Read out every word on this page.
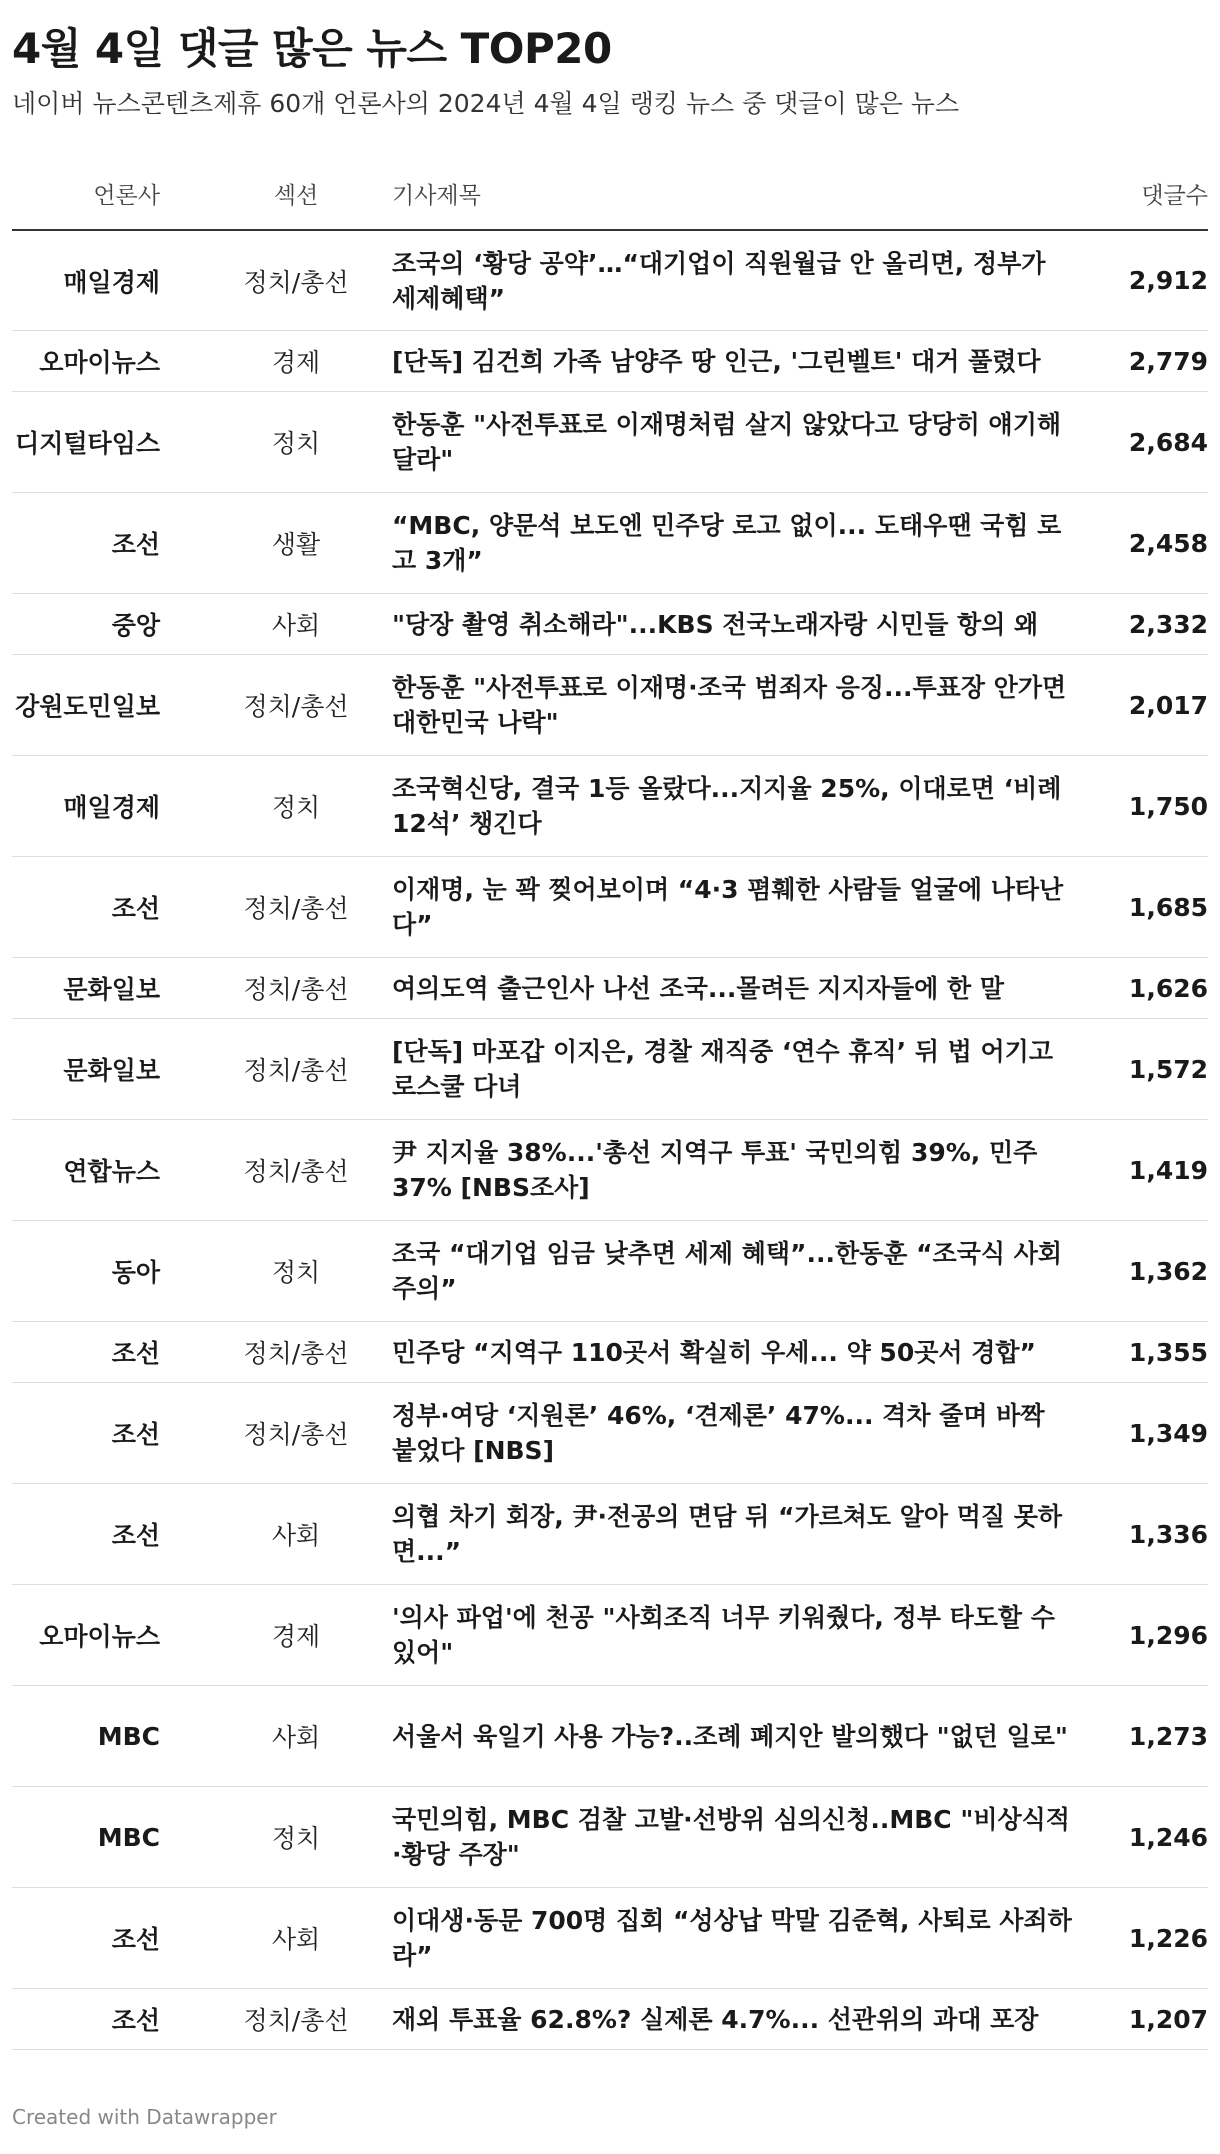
4월 4일 댓글 많은 뉴스 TOP20

네이버 뉴스콘텐츠제휴 60개 언론사의 2024년 4월 4일 랭킹 뉴스 중 댓글이 많은 뉴스

언론사	섹션	기사제목	댓글수
매일경제	정치/총선	조국의 ‘황당 공약’…“대기업이 직원월급 안 올리면, 정부가 세제혜택”	2,912
오마이뉴스	경제	[단독] 김건희 가족 남양주 땅 인근, '그린벨트' 대거 풀렸다	2,779
디지털타임스	정치	한동훈 "사전투표로 이재명처럼 살지 않았다고 당당히 얘기해달라"	2,684
조선	생활	“MBC, 양문석 보도엔 민주당 로고 없이... 도태우땐 국힘 로고 3개”	2,458
중앙	사회	"당장 촬영 취소해라"...KBS 전국노래자랑 시민들 항의 왜	2,332
강원도민일보	정치/총선	한동훈 "사전투표로 이재명·조국 범죄자 응징...투표장 안가면 대한민국 나락"	2,017
매일경제	정치	조국혁신당, 결국 1등 올랐다...지지율 25%, 이대로면 ‘비례 12석’ 챙긴다	1,750
조선	정치/총선	이재명, 눈 꽉 찢어보이며 “4·3 폄훼한 사람들 얼굴에 나타난다”	1,685
문화일보	정치/총선	여의도역 출근인사 나선 조국...몰려든 지지자들에 한 말	1,626
문화일보	정치/총선	[단독] 마포갑 이지은, 경찰 재직중 ‘연수 휴직’ 뒤 법 어기고 로스쿨 다녀	1,572
연합뉴스	정치/총선	尹 지지율 38%...'총선 지역구 투표' 국민의힘 39%, 민주 37% [NBS조사]	1,419
동아	정치	조국 “대기업 임금 낮추면 세제 혜택”...한동훈 “조국식 사회주의”	1,362
조선	정치/총선	민주당 “지역구 110곳서 확실히 우세... 약 50곳서 경합”	1,355
조선	정치/총선	정부·여당 ‘지원론’ 46%, ‘견제론’ 47%... 격차 줄며 바짝 붙었다 [NBS]	1,349
조선	사회	의협 차기 회장, 尹·전공의 면담 뒤 “가르쳐도 알아 먹질 못하면...”	1,336
오마이뉴스	경제	'의사 파업'에 천공 "사회조직 너무 키워줬다, 정부 타도할 수 있어"	1,296
MBC	사회	서울서 육일기 사용 가능?..조례 폐지안 발의했다 "없던 일로"	1,273
MBC	정치	국민의힘, MBC 검찰 고발·선방위 심의신청..MBC "비상식적·황당 주장"	1,246
조선	사회	이대생·동문 700명 집회 “성상납 막말 김준혁, 사퇴로 사죄하라”	1,226
조선	정치/총선	재외 투표율 62.8%? 실제론 4.7%... 선관위의 과대 포장	1,207
Created with Datawrapper
